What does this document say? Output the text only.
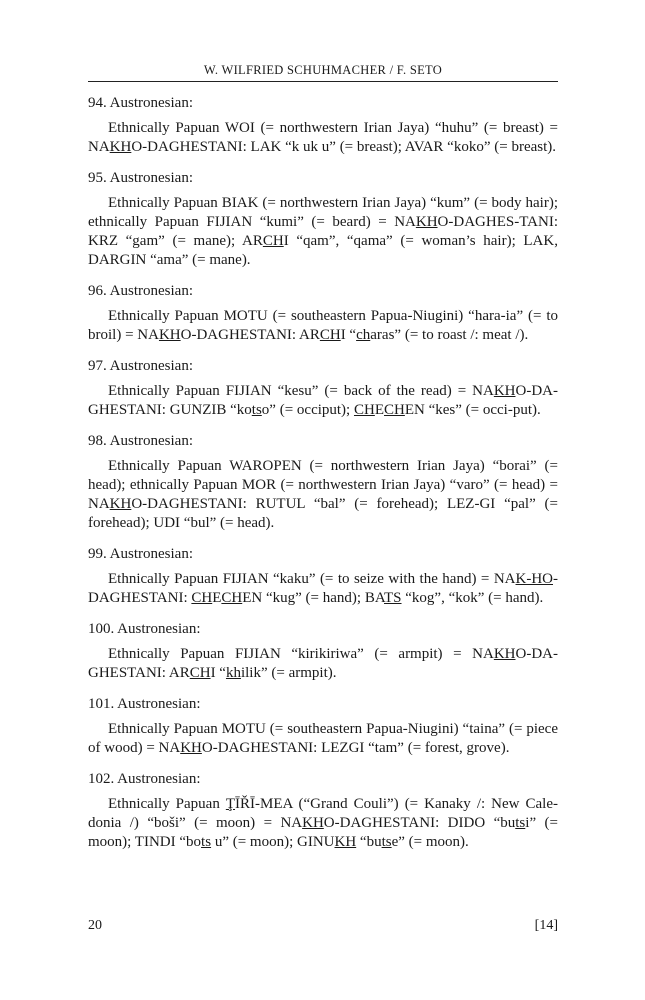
W. WILFRIED SCHUHMACHER / F. SETO

94. Austronesian:

Ethnically Papuan WOI (= northwestern Irian Jaya) “huhu” (= breast) = NAKHO-DAGHESTANI: LAK “k uk u” (= breast); AVAR “koko” (= breast).

95. Austronesian:

Ethnically Papuan BIAK (= northwestern Irian Jaya) “kum” (= body hair); ethnically Papuan FIJIAN “kumi” (= beard) = NAKHO-DAGHES-TANI: KRZ “gam” (= mane); ARCHI “qam”, “qama” (= woman’s hair); LAK, DARGIN “ama” (= mane).

96. Austronesian:

Ethnically Papuan MOTU (= southeastern Papua-Niugini) “hara-ia” (= to broil) = NAKHO-DAGHESTANI: ARCHI “charas” (= to roast /: meat /).

97. Austronesian:

Ethnically Papuan FIJIAN “kesu” (= back of the read) = NAKHO-DA-GHESTANI: GUNZIB “kotso” (= occiput); CHECHEN “kes” (= occi-put).

98. Austronesian:

Ethnically Papuan WAROPEN (= northwestern Irian Jaya) “borai” (= head); ethnically Papuan MOR (= northwestern Irian Jaya) “varo” (= head) = NAKHO-DAGHESTANI: RUTUL “bal” (= forehead); LEZ-GI “pal” (= forehead); UDI “bul” (= head).

99. Austronesian:

Ethnically Papuan FIJIAN “kaku” (= to seize with the hand) = NAK-HO-DAGHESTANI: CHECHEN “kug” (= hand); BATS “kog”, “kok” (= hand).

100. Austronesian:

Ethnically Papuan FIJIAN “kirikiriwa” (= armpit) = NAKHO-DA-GHESTANI: ARCHI “khilik” (= armpit).

101. Austronesian:

Ethnically Papuan MOTU (= southeastern Papua-Niugini) “taina” (= piece of wood) = NAKHO-DAGHESTANI: LEZGI “tam” (= forest, grove).

102. Austronesian:

Ethnically Papuan ŢĪŘĪ-MEA (“Grand Couli”) (= Kanaky /: New Cale-donia /) “boši” (= moon) = NAKHO-DAGHESTANI: DIDO “butsi” (= moon); TINDI “bots u” (= moon); GINUKH “butse” (= moon).

20	[14]
